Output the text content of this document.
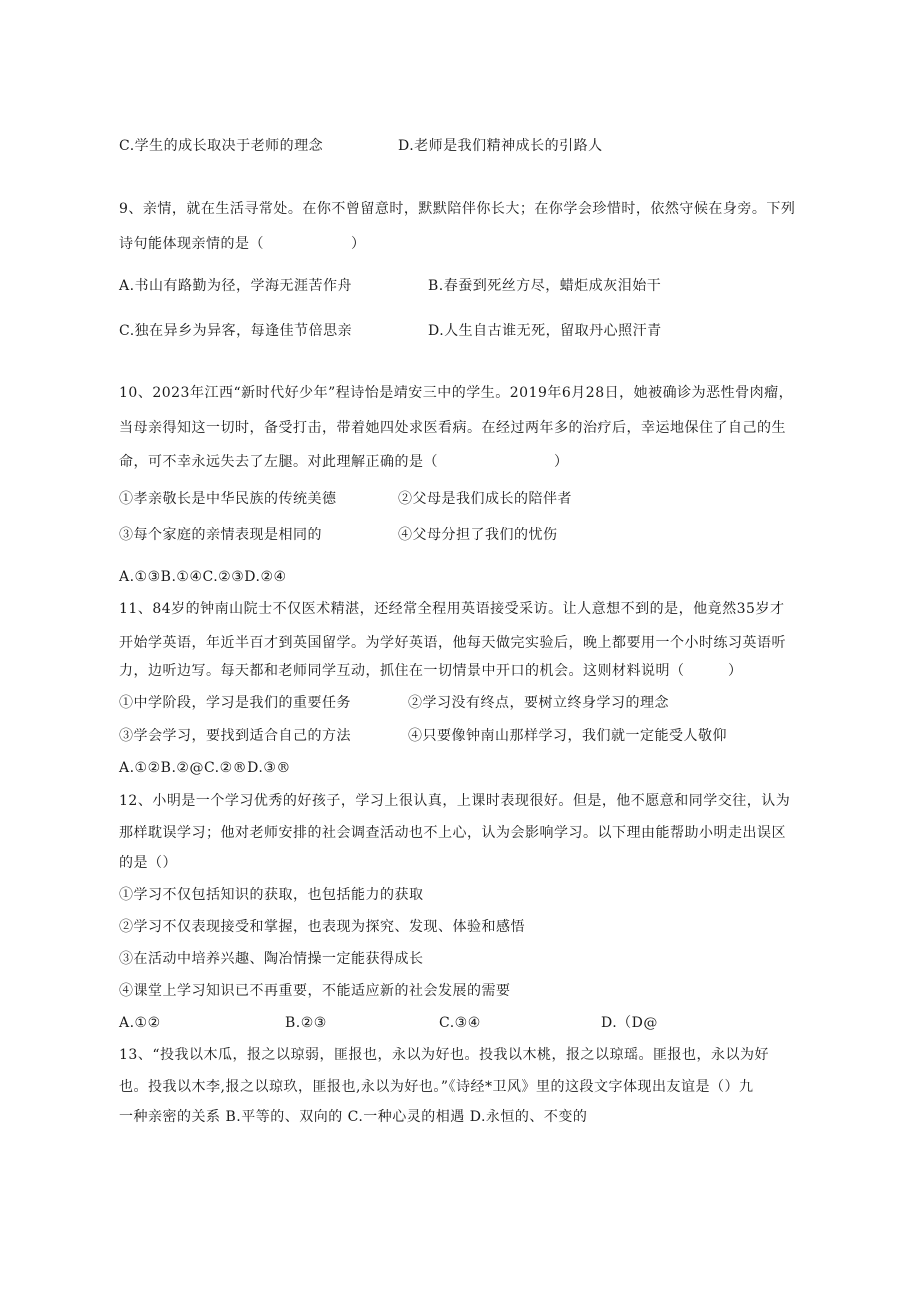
C.学生的成长取决于老师的理念	D.老师是我们精神成长的引路人
9、亲情，就在生活寻常处。在你不曾留意时，默默陪伴你长大；在你学会珍惜时，依然守候在身旁。下列
诗句能体现亲情的是（　　　　　　）
A.书山有路勤为径，学海无涯苦作舟	B.春蚕到死丝方尽，蜡炬成灰泪始干
C.独在异乡为异客，每逢佳节倍思亲	D.人生自古谁无死，留取丹心照汗青
10、2023年江西“新时代好少年”程诗怡是靖安三中的学生。2019年6月28日，她被确诊为恶性骨肉瘤，
当母亲得知这一切时，备受打击，带着她四处求医看病。在经过两年多的治疗后，幸运地保住了自己的生
命，可不幸永远失去了左腿。对此理解正确的是（　　　　　　　　）
①孝亲敬长是中华民族的传统美德	②父母是我们成长的陪伴者
③每个家庭的亲情表现是相同的	④父母分担了我们的忧伤
A.①③B.①④C.②③D.②④
11、84岁的钟南山院士不仅医术精湛，还经常全程用英语接受采访。让人意想不到的是，他竟然35岁才
开始学英语，年近半百才到英国留学。为学好英语，他每天做完实验后，晚上都要用一个小时练习英语听
力，边听边写。每天都和老师同学互动，抓住在一切情景中开口的机会。这则材料说明（　　　）
①中学阶段，学习是我们的重要任务	②学习没有终点，要树立终身学习的理念
③学会学习，要找到适合自己的方法	④只要像钟南山那样学习，我们就一定能受人敬仰
A.①②B.②@C.②®D.③®
12、小明是一个学习优秀的好孩子，学习上很认真，上课时表现很好。但是，他不愿意和同学交往，认为
那样耽误学习；他对老师安排的社会调查活动也不上心，认为会影响学习。以下理由能帮助小明走出误区
的是（）
①学习不仅包括知识的获取，也包括能力的获取
②学习不仅表现接受和掌握，也表现为探究、发现、体验和感悟
③在活动中培养兴趣、陶冶情操一定能获得成长
④课堂上学习知识已不再重要，不能适应新的社会发展的需要
A.①②	B.②③	C.③④	D.（D@
13、“投我以木瓜，报之以琼弱，匪报也，永以为好也。投我以木桃，报之以琼瑶。匪报也，永以为好
也。投我以木李,报之以琼玖，匪报也,永以为好也。”《诗经*卫风》里的这段文字体现出友谊是（）九
一种亲密的关系 B.平等的、双向的 C.一种心灵的相遇 D.永恒的、不变的
